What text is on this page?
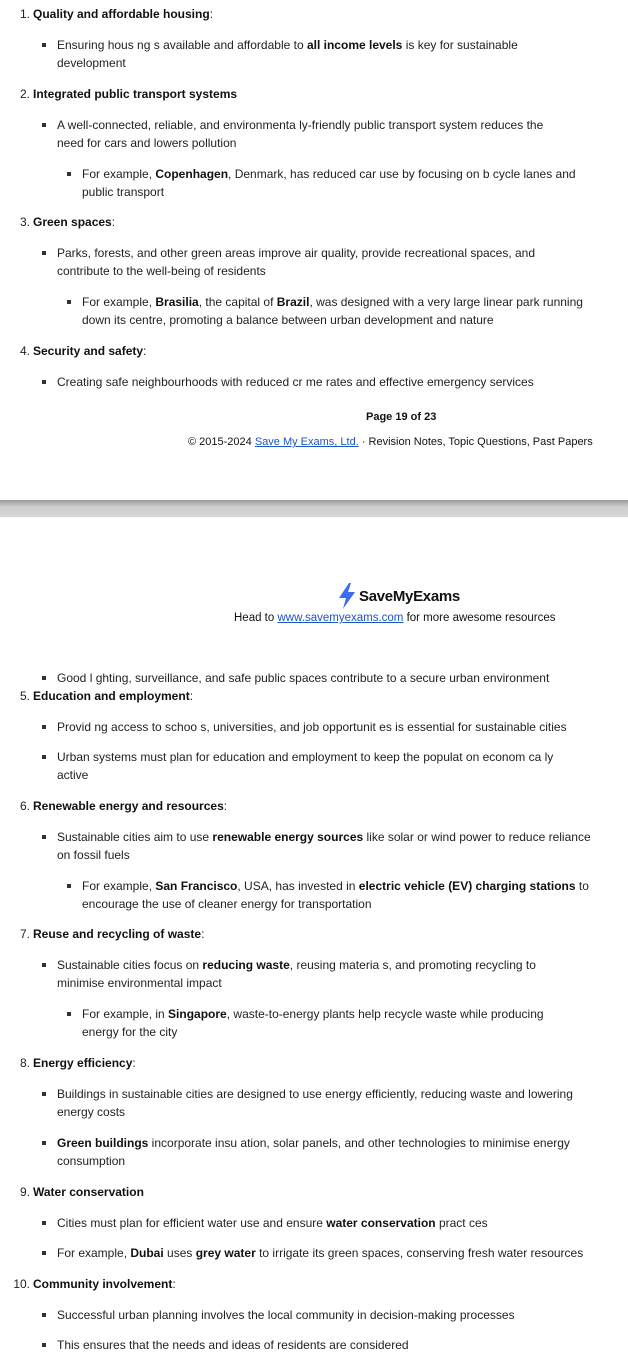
1. Quality and affordable housing:
Ensuring hous ng s available and affordable to all income levels is key for sustainable
development
2. Integrated public transport systems
A well-connected, reliable, and environmenta ly-friendly public transport system reduces the
need for cars and lowers pollution
For example, Copenhagen, Denmark, has reduced car use by focusing on b cycle lanes and
public transport
3. Green spaces:
Parks, forests, and other green areas improve air quality, provide recreational spaces, and
contribute to the well-being of residents
For example, Brasilia, the capital of Brazil, was designed with a very large linear park running
down its centre, promoting a balance between urban development and nature
4. Security and safety:
Creating safe neighbourhoods with reduced cr me rates and effective emergency services
Page 19 of 23
© 2015-2024 Save My Exams, Ltd. · Revision Notes, Topic Questions, Past Papers
SaveMyExams
Head to www.savemyexams.com for more awesome resources
Good l ghting, surveillance, and safe public spaces contribute to a secure urban environment
5. Education and employment:
Provid ng access to schoo s, universities, and job opportunit es is essential for sustainable cities
Urban systems must plan for education and employment to keep the populat on econom ca ly
active
6. Renewable energy and resources:
Sustainable cities aim to use renewable energy sources like solar or wind power to reduce reliance
on fossil fuels
For example, San Francisco, USA, has invested in electric vehicle (EV) charging stations to
encourage the use of cleaner energy for transportation
7. Reuse and recycling of waste:
Sustainable cities focus on reducing waste, reusing materia s, and promoting recycling to
minimise environmental impact
For example, in Singapore, waste-to-energy plants help recycle waste while producing
energy for the city
8. Energy efficiency:
Buildings in sustainable cities are designed to use energy efficiently, reducing waste and lowering
energy costs
Green buildings incorporate insu ation, solar panels, and other technologies to minimise energy
consumption
9. Water conservation
Cities must plan for efficient water use and ensure water conservation pract ces
For example, Dubai uses grey water to irrigate its green spaces, conserving fresh water resources
10. Community involvement:
Successful urban planning involves the local community in decision-making processes
This ensures that the needs and ideas of residents are considered
